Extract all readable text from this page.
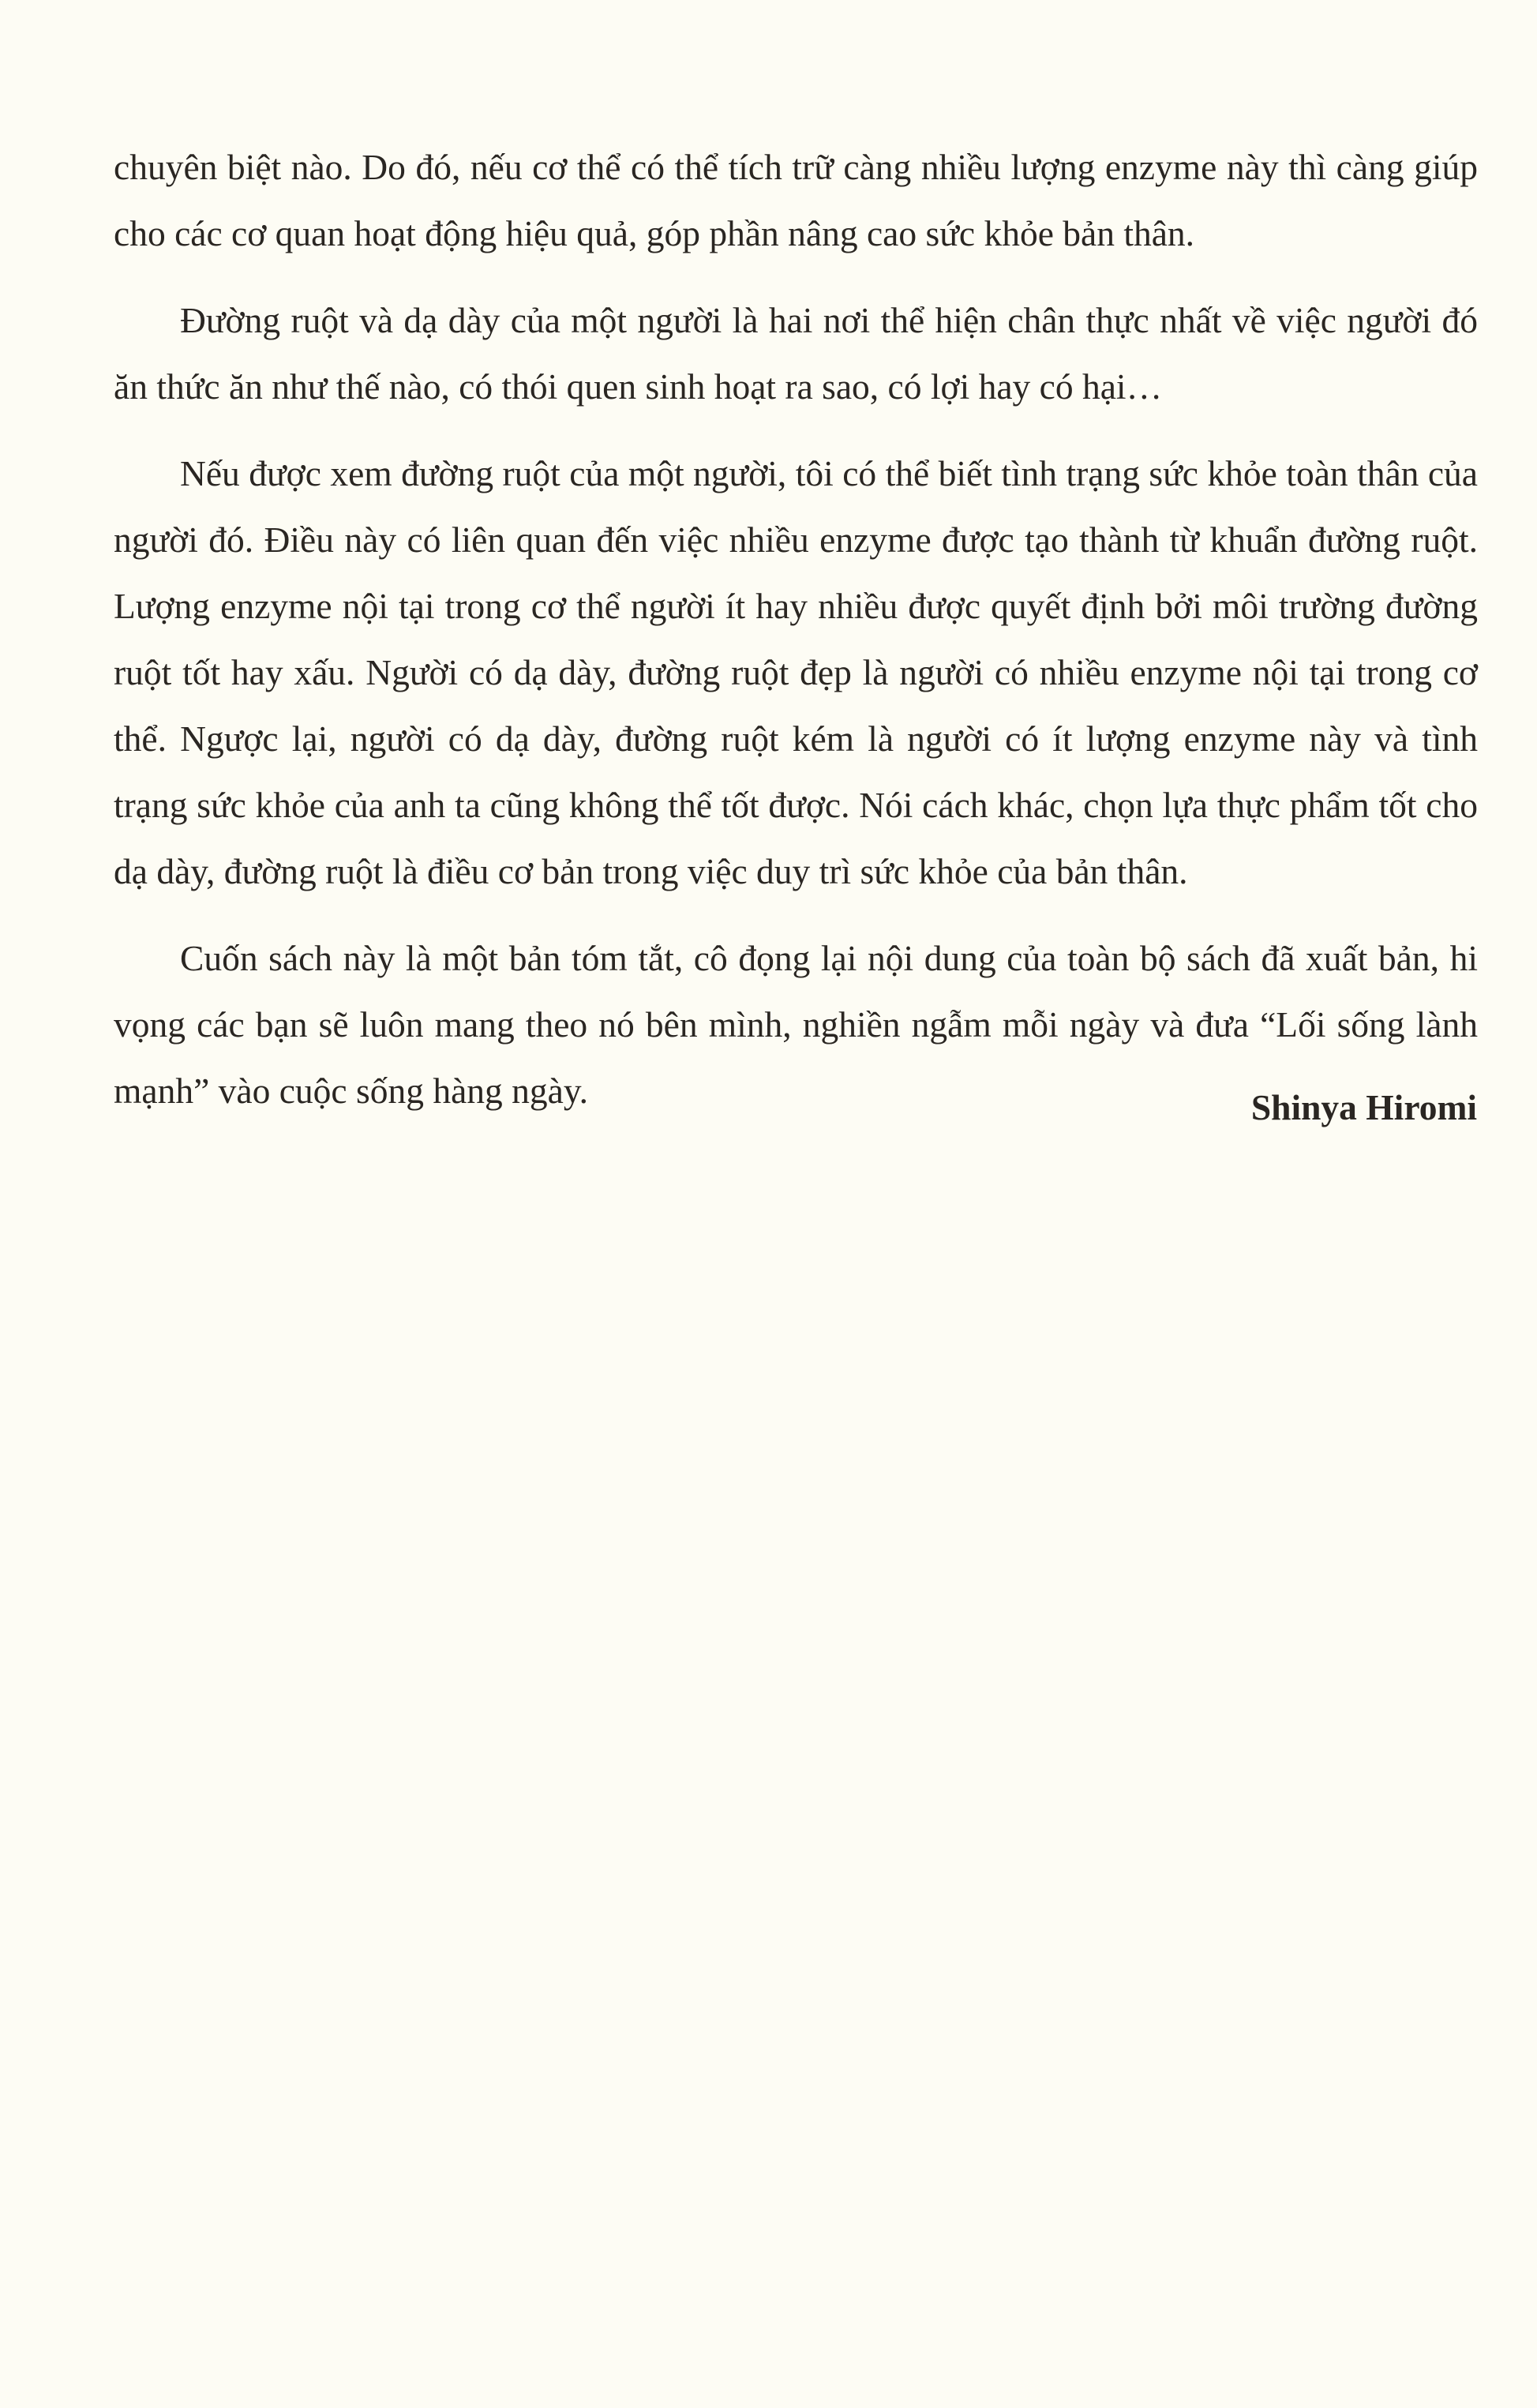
chuyên biệt nào. Do đó, nếu cơ thể có thể tích trữ càng nhiều lượng enzyme này thì càng giúp cho các cơ quan hoạt động hiệu quả, góp phần nâng cao sức khỏe bản thân.

Đường ruột và dạ dày của một người là hai nơi thể hiện chân thực nhất về việc người đó ăn thức ăn như thế nào, có thói quen sinh hoạt ra sao, có lợi hay có hại…

Nếu được xem đường ruột của một người, tôi có thể biết tình trạng sức khỏe toàn thân của người đó. Điều này có liên quan đến việc nhiều enzyme được tạo thành từ khuẩn đường ruột. Lượng enzyme nội tại trong cơ thể người ít hay nhiều được quyết định bởi môi trường đường ruột tốt hay xấu. Người có dạ dày, đường ruột đẹp là người có nhiều enzyme nội tại trong cơ thể. Ngược lại, người có dạ dày, đường ruột kém là người có ít lượng enzyme này và tình trạng sức khỏe của anh ta cũng không thể tốt được. Nói cách khác, chọn lựa thực phẩm tốt cho dạ dày, đường ruột là điều cơ bản trong việc duy trì sức khỏe của bản thân.

Cuốn sách này là một bản tóm tắt, cô đọng lại nội dung của toàn bộ sách đã xuất bản, hi vọng các bạn sẽ luôn mang theo nó bên mình, nghiền ngẫm mỗi ngày và đưa “Lối sống lành mạnh” vào cuộc sống hàng ngày.	Shinya Hiromi
